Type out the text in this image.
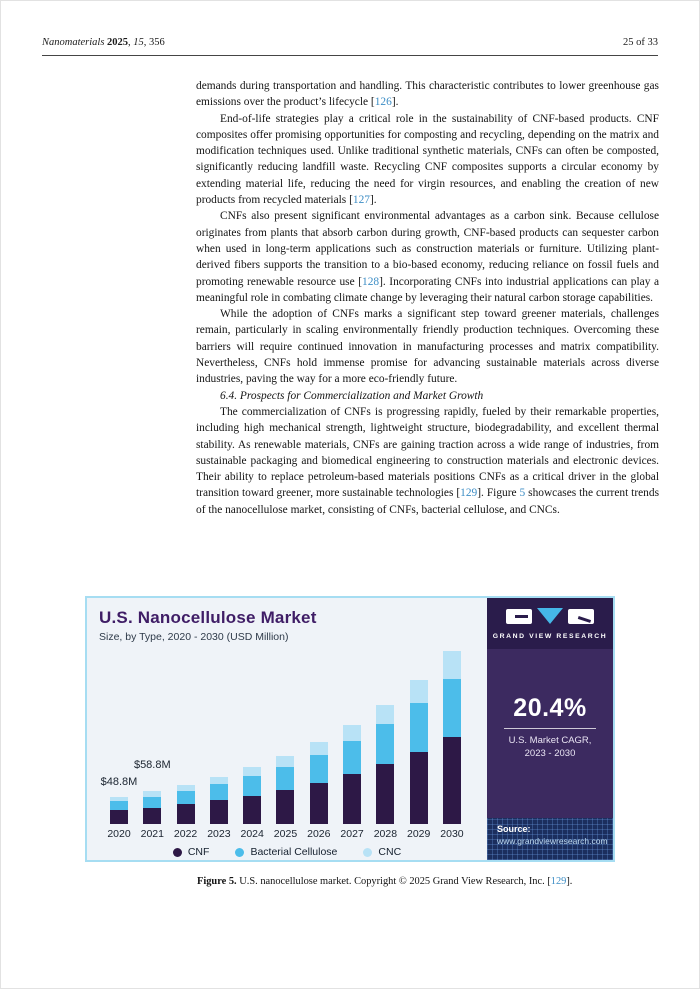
Nanomaterials 2025, 15, 356	25 of 33

demands during transportation and handling. This characteristic contributes to lower greenhouse gas emissions over the product’s lifecycle [126].

End-of-life strategies play a critical role in the sustainability of CNF-based products. CNF composites offer promising opportunities for composting and recycling, depending on the matrix and modification techniques used. Unlike traditional synthetic materials, CNFs can often be composted, significantly reducing landfill waste. Recycling CNF composites supports a circular economy by extending material life, reducing the need for virgin resources, and enabling the creation of new products from recycled materials [127].

CNFs also present significant environmental advantages as a carbon sink. Because cellulose originates from plants that absorb carbon during growth, CNF-based products can sequester carbon when used in long-term applications such as construction materials or furniture. Utilizing plant-derived fibers supports the transition to a bio-based economy, reducing reliance on fossil fuels and promoting renewable resource use [128]. Incorporating CNFs into industrial applications can play a meaningful role in combating climate change by leveraging their natural carbon storage capabilities.

While the adoption of CNFs marks a significant step toward greener materials, challenges remain, particularly in scaling environmentally friendly production techniques. Overcoming these barriers will require continued innovation in manufacturing processes and matrix compatibility. Nevertheless, CNFs hold immense promise for advancing sustainable materials across diverse industries, paving the way for a more eco-friendly future.

6.4. Prospects for Commercialization and Market Growth

The commercialization of CNFs is progressing rapidly, fueled by their remarkable properties, including high mechanical strength, lightweight structure, biodegradability, and excellent thermal stability. As renewable materials, CNFs are gaining traction across a wide range of industries, from sustainable packaging and biomedical engineering to construction materials and electronic devices. Their ability to replace petroleum-based materials positions CNFs as a critical driver in the global transition toward greener, more sustainable technologies [129]. Figure 5 showcases the current trends of the nanocellulose market, consisting of CNFs, bacterial cellulose, and CNCs.

U.S. Nanocellulose Market
Size, by Type, 2020 - 2030 (USD Million)
2020
$48.8M
2021
$58.8M
2022 2023 2024 2025 2026 2027 2028 2029 2030
CNF	Bacterial Cellulose	CNC
GRAND VIEW RESEARCH
20.4%
U.S. Market CAGR,
2023 - 2030
Source:
www.grandviewresearch.com
Figure 5. U.S. nanocellulose market. Copyright © 2025 Grand View Research, Inc. [129].
